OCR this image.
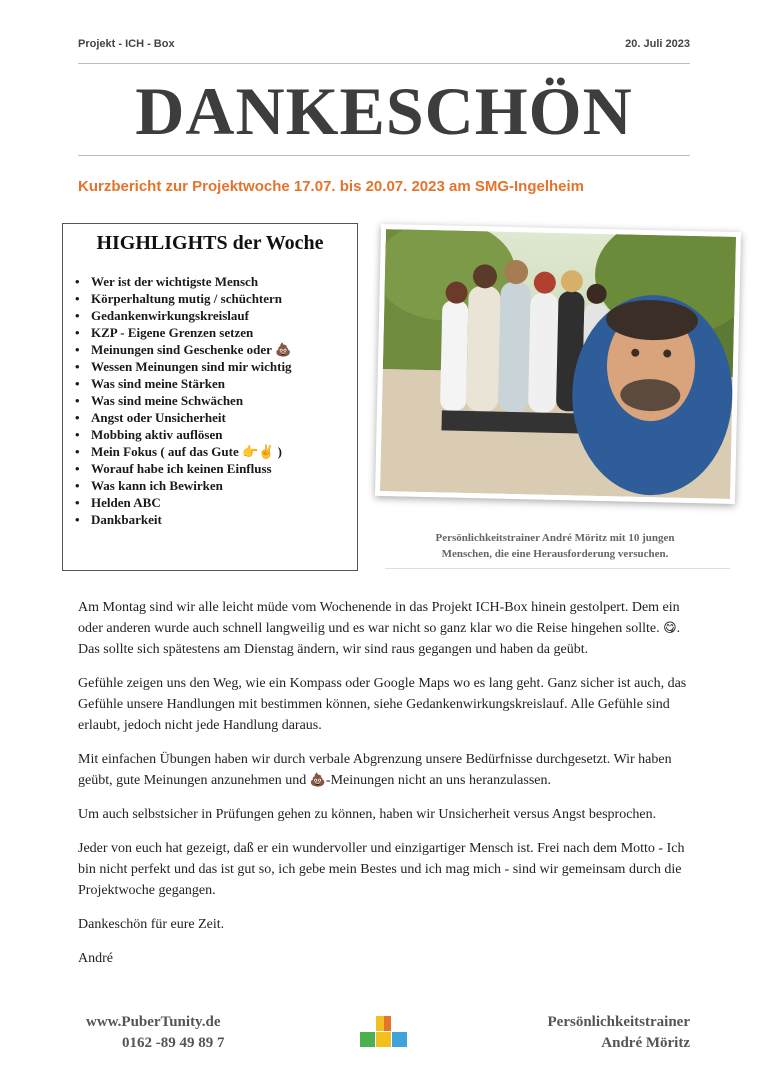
Projekt - ICH - Box	20. Juli 2023
DANKESCHÖN
Kurzbericht zur Projektwoche 17.07. bis 20.07. 2023 am SMG-Ingelheim
HIGHLIGHTS der Woche
• Wer ist der wichtigste Mensch
• Körperhaltung mutig / schüchtern
• Gedankenwirkungskreislauf
• KZP - Eigene Grenzen setzen
• Meinungen sind Geschenke oder 💩
• Wessen Meinungen sind mir wichtig
• Was sind meine Stärken
• Was sind meine Schwächen
• Angst oder Unsicherheit
• Mobbing aktiv auflösen
• Mein Fokus ( auf das Gute 👉✌️ )
• Worauf habe ich keinen Einfluss
• Was kann ich Bewirken
• Helden ABC
• Dankbarkeit
Persönlichkeitstrainer André Möritz mit 10 jungen
Menschen, die eine Herausforderung versuchen.

Am Montag sind wir alle leicht müde vom Wochenende in das Projekt ICH-Box hinein gestolpert. Dem ein oder anderen wurde auch schnell langweilig und es war nicht so ganz klar wo die Reise hingehen sollte. 😋. Das sollte sich spätestens am Dienstag ändern, wir sind raus gegangen und haben da geübt.

Gefühle zeigen uns den Weg, wie ein Kompass oder Google Maps wo es lang geht. Ganz sicher ist auch, das Gefühle unsere Handlungen mit bestimmen können, siehe Gedankenwirkungskreislauf. Alle Gefühle sind erlaubt, jedoch nicht jede Handlung daraus.

Mit einfachen Übungen haben wir durch verbale Abgrenzung unsere Bedürfnisse durchgesetzt. Wir haben geübt, gute Meinungen anzunehmen und 💩-Meinungen nicht an uns heranzulassen.

Um auch selbstsicher in Prüfungen gehen zu können, haben wir Unsicherheit versus Angst besprochen.

Jeder von euch hat gezeigt, daß er ein wundervoller und einzigartiger Mensch ist. Frei nach dem Motto - Ich bin nicht perfekt und das ist gut so, ich gebe mein Bestes und ich mag mich - sind wir gemeinsam durch die Projektwoche gegangen.

Dankeschön für eure Zeit.

André

www.PuberTunity.de
0162 -89 49 89 7
Persönlichkeitstrainer
André Möritz
